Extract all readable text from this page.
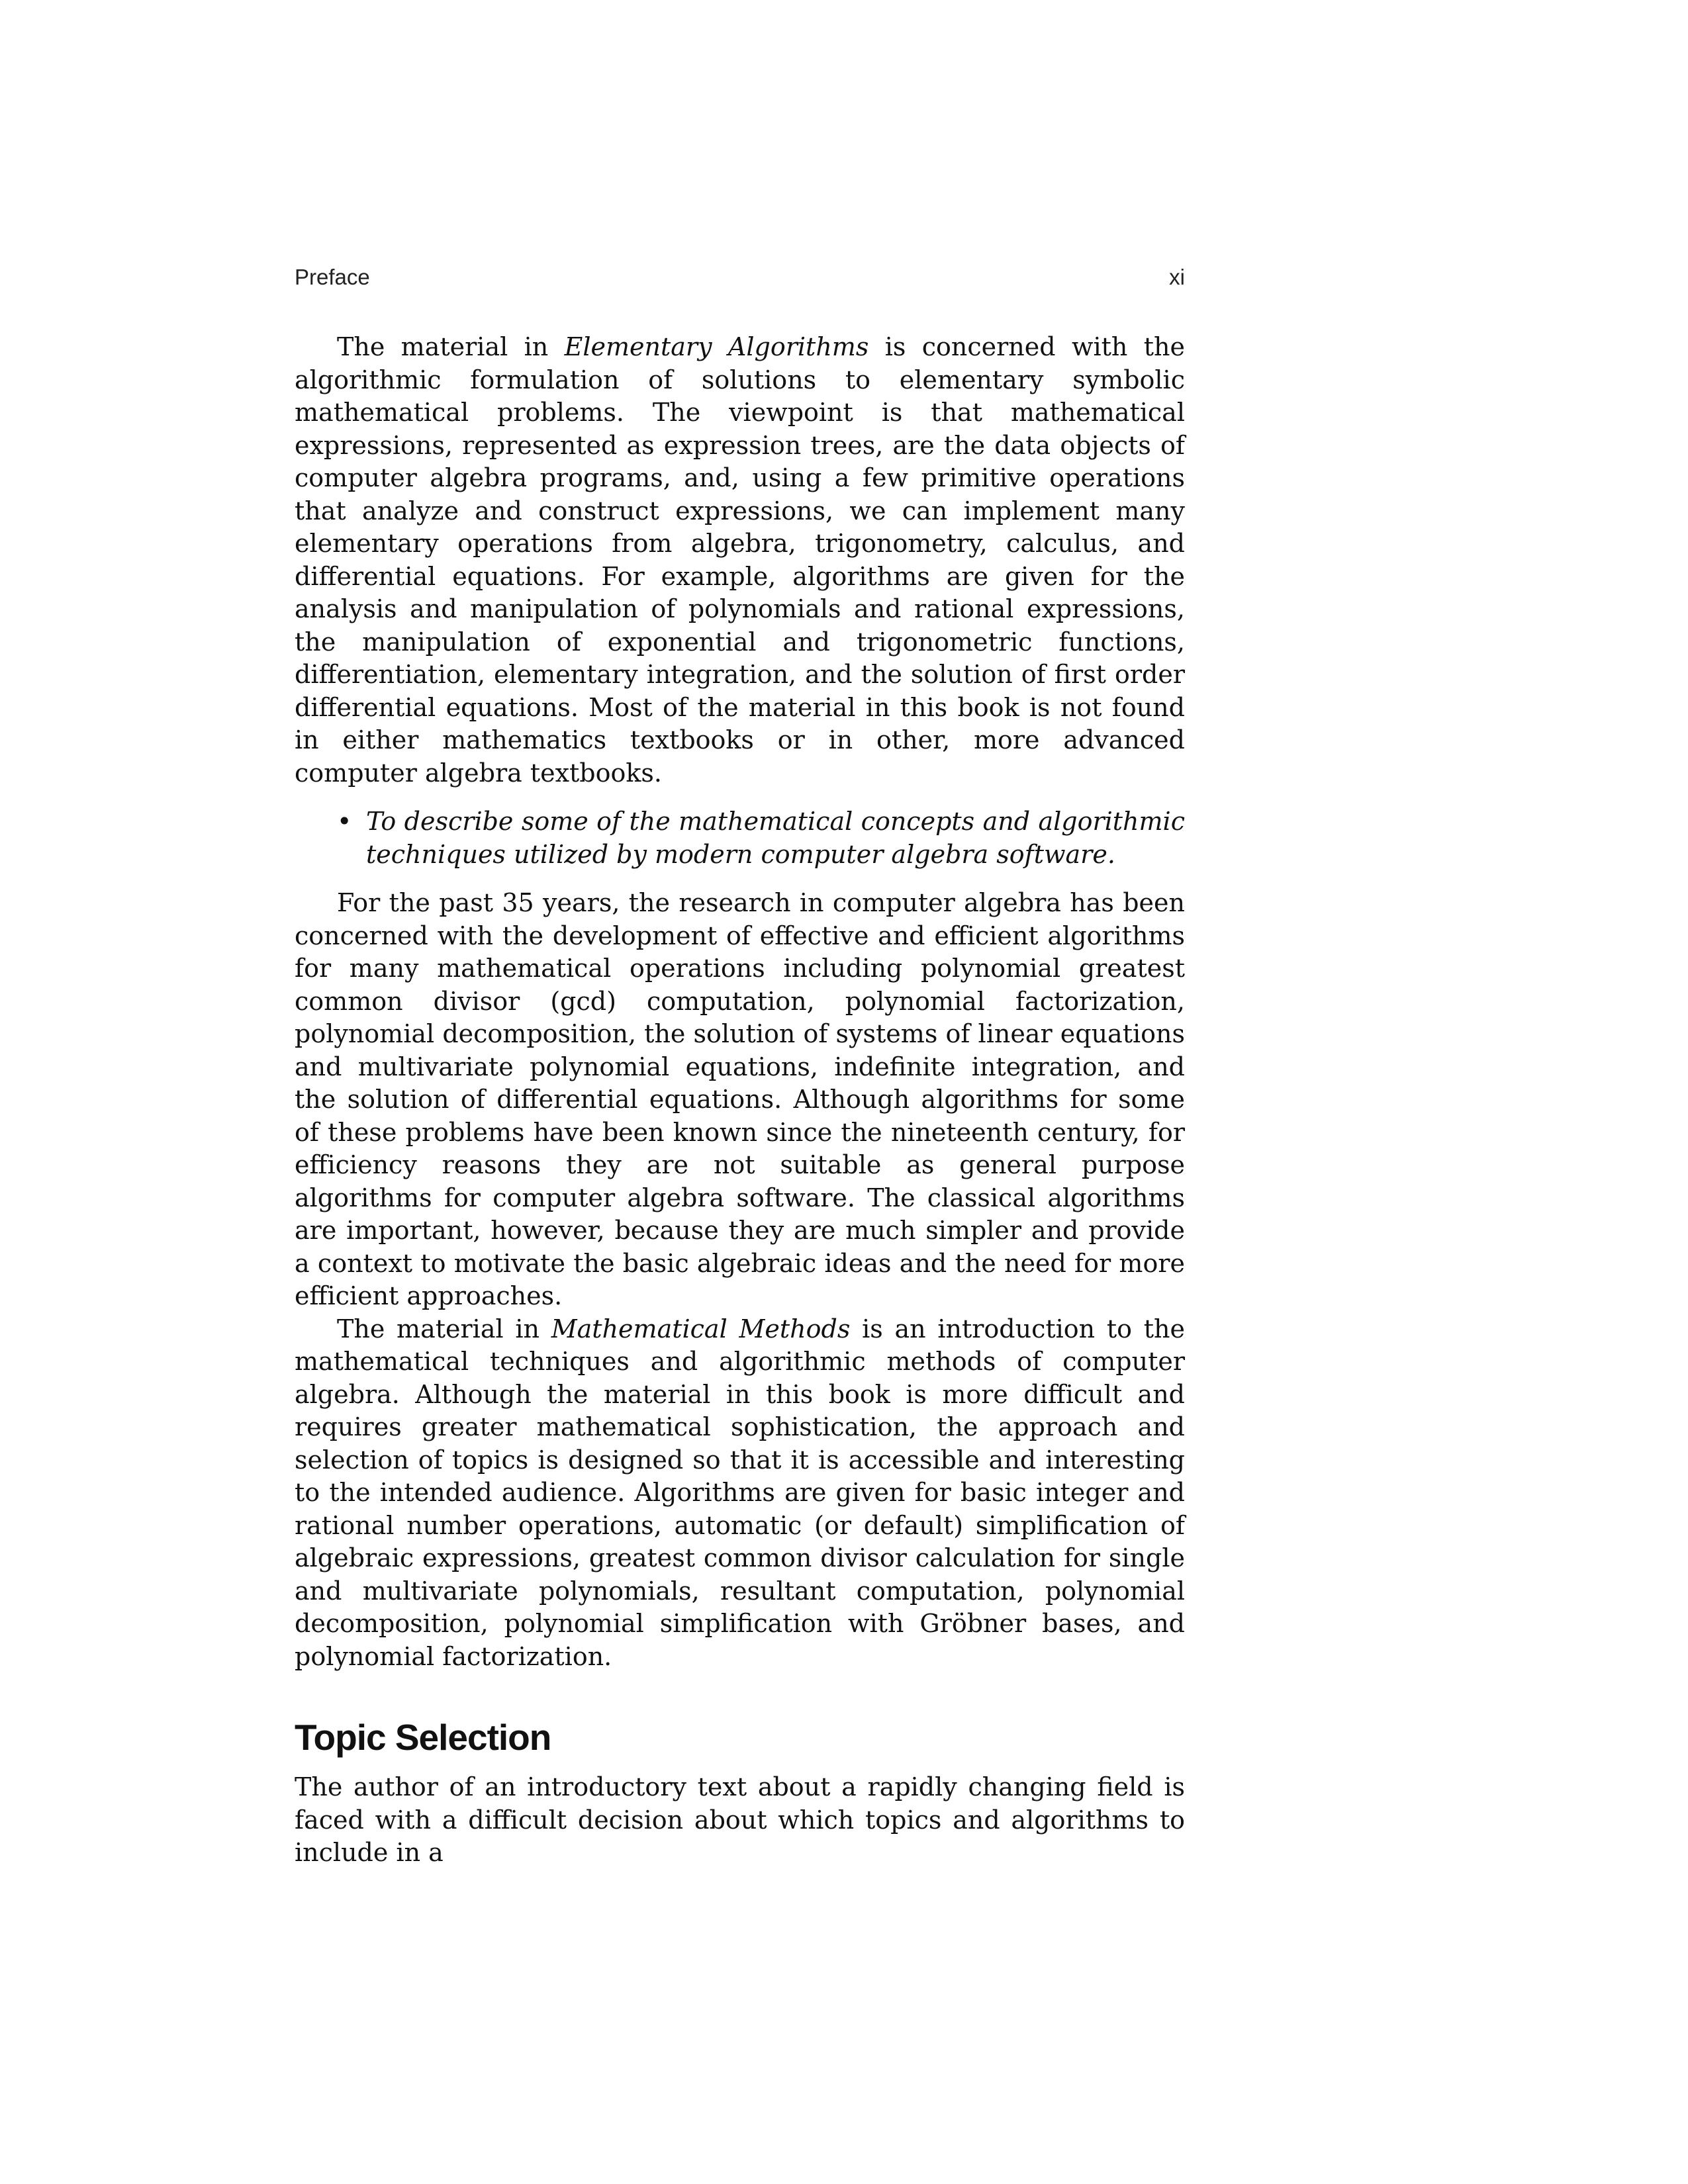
Preface	xi

The material in Elementary Algorithms is concerned with the algorithmic formulation of solutions to elementary symbolic mathematical problems. The viewpoint is that mathematical expressions, represented as expression trees, are the data objects of computer algebra programs, and, using a few primitive operations that analyze and construct expressions, we can implement many elementary operations from algebra, trigonometry, calculus, and differential equations. For example, algorithms are given for the analysis and manipulation of polynomials and rational expressions, the manipulation of exponential and trigonometric functions, differentiation, elementary integration, and the solution of first order differential equations. Most of the material in this book is not found in either mathematics textbooks or in other, more advanced computer algebra textbooks.

• To describe some of the mathematical concepts and algorithmic techniques utilized by modern computer algebra software.

For the past 35 years, the research in computer algebra has been concerned with the development of effective and efficient algorithms for many mathematical operations including polynomial greatest common divisor (gcd) computation, polynomial factorization, polynomial decomposition, the solution of systems of linear equations and multivariate polynomial equations, indefinite integration, and the solution of differential equations. Although algorithms for some of these problems have been known since the nineteenth century, for efficiency reasons they are not suitable as general purpose algorithms for computer algebra software. The classical algorithms are important, however, because they are much simpler and provide a context to motivate the basic algebraic ideas and the need for more efficient approaches.

The material in Mathematical Methods is an introduction to the mathematical techniques and algorithmic methods of computer algebra. Although the material in this book is more difficult and requires greater mathematical sophistication, the approach and selection of topics is designed so that it is accessible and interesting to the intended audience. Algorithms are given for basic integer and rational number operations, automatic (or default) simplification of algebraic expressions, greatest common divisor calculation for single and multivariate polynomials, resultant computation, polynomial decomposition, polynomial simplification with Gröbner bases, and polynomial factorization.

Topic Selection

The author of an introductory text about a rapidly changing field is faced with a difficult decision about which topics and algorithms to include in a
